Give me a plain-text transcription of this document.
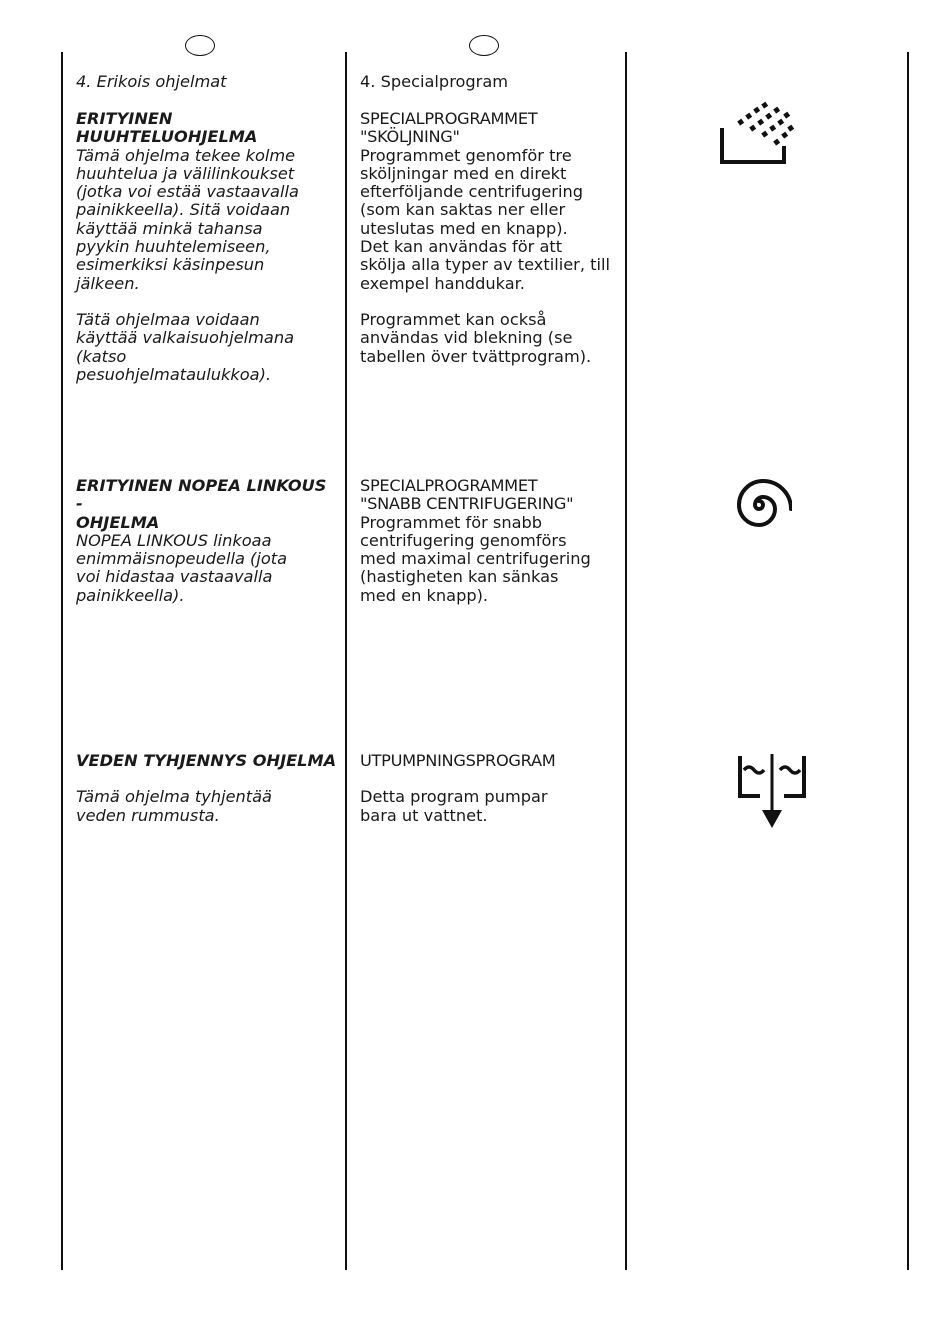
4. Erikois ohjelmat

ERITYINEN
HUUHTELUOHJELMA

Tämä ohjelma tekee kolme
huuhtelua ja välilinkoukset
(jotka voi estää vastaavalla
painikkeella). Sitä voidaan
käyttää minkä tahansa
pyykin huuhtelemiseen,
esimerkiksi käsinpesun
jälkeen.

Tätä ohjelmaa voidaan
käyttää valkaisuohjelmana
(katso
pesuohjelmataulukkoa).

ERITYINEN NOPEA LINKOUS -
OHJELMA

NOPEA LINKOUS linkoaa
enimmäisnopeudella (jota
voi hidastaa vastaavalla
painikkeella).

VEDEN TYHJENNYS OHJELMA

Tämä ohjelma tyhjentää
veden rummusta.

4. Specialprogram

SPECIALPROGRAMMET
"SKÖLJNING"

Programmet genomför tre
sköljningar med en direkt
efterföljande centrifugering
(som kan saktas ner eller
uteslutas med en knapp).
Det kan användas för att
skölja alla typer av textilier, till
exempel handdukar.

Programmet kan också
användas vid blekning (se
tabellen över tvättprogram).

SPECIALPROGRAMMET
"SNABB CENTRIFUGERING"

Programmet för snabb
centrifugering genomförs
med maximal centrifugering
(hastigheten kan sänkas
med en knapp).

UTPUMPNINGSPROGRAM

Detta program pumpar
bara ut vattnet.
